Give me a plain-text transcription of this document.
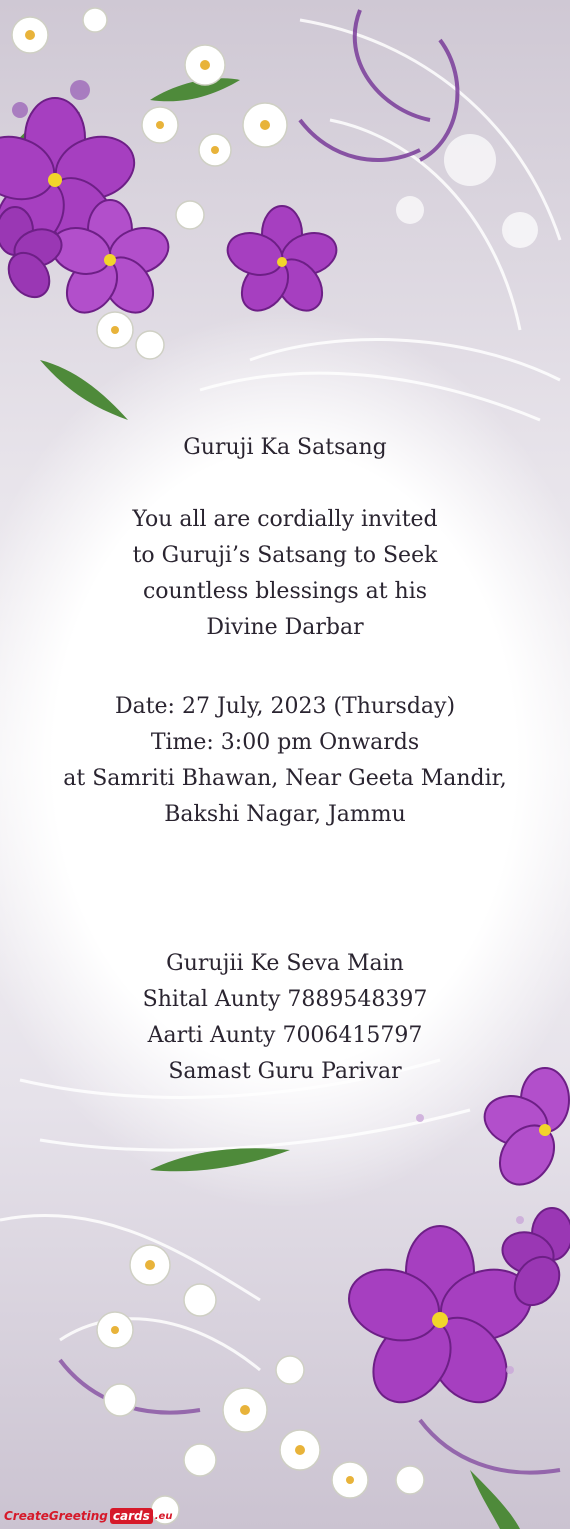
Guruji Ka Satsang
You all are cordially invited
to Guruji’s Satsang to Seek
countless blessings at his
Divine Darbar
Date: 27 July, 2023 (Thursday)
Time: 3:00 pm Onwards
at Samriti Bhawan, Near Geeta Mandir,
Bakshi Nagar, Jammu
Gurujii Ke Seva Main
Shital Aunty 7889548397
Aarti Aunty 7006415797
Samast Guru Parivar
CreateGreeting cards .eu
